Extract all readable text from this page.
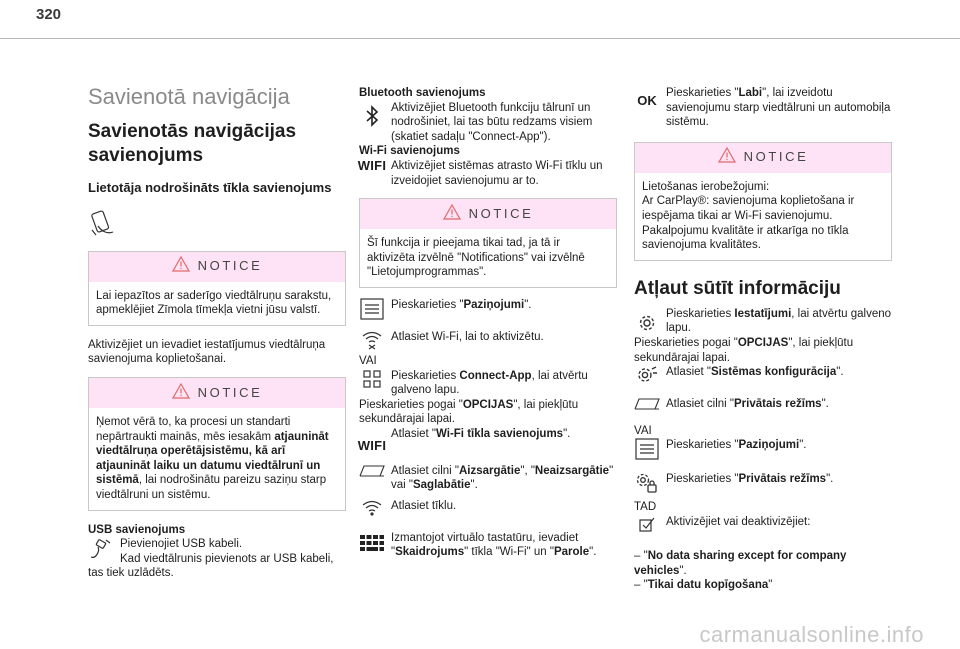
320
Savienotā navigācija
Savienotās navigācijas savienojums
Lietotāja nodrošināts tīkla savienojums
NOTICE

Lai iepazītos ar saderīgo viedtālruņu sarakstu, apmeklējiet Zīmola tīmekļa vietni jūsu valstī.

Aktivizējiet un ievadiet iestatījumus viedtālruņa savienojuma koplietošanai.

NOTICE

Ņemot vērā to, ka procesi un standarti nepārtraukti mainās, mēs iesakām atjaunināt viedtālruņa operētājsistēmu, kā arī atjaunināt laiku un datumu viedtālrunī un sistēmā, lai nodrošinātu pareizu saziņu starp viedtālruni un sistēmu.

USB savienojums

Pievienojiet USB kabeli.

Kad viedtālrunis pievienots ar USB kabeli, tas tiek uzlādēts.

Bluetooth savienojums

Aktivizējiet Bluetooth funkciju tālrunī un nodrošiniet, lai tas būtu redzams visiem (skatiet sadaļu "Connect-App").

Wi-Fi savienojums

WIFI Aktivizējiet sistēmas atrasto Wi-Fi tīklu un izveidojiet savienojumu ar to.

NOTICE

Šī funkcija ir pieejama tikai tad, ja tā ir aktivizēta izvēlnē "Notifications" vai izvēlnē "Lietojumprogrammas".

Pieskarieties "Paziņojumi".

Atlasiet Wi-Fi, lai to aktivizētu.

VAI

Pieskarieties Connect-App, lai atvērtu galveno lapu.

Pieskarieties pogai "OPCIJAS", lai piekļūtu sekundārajai lapai.

WIFI

Atlasiet "Wi-Fi tīkla savienojums".

Atlasiet cilni "Aizsargātie", "Neaizsargātie" vai "Saglabātie".

Atlasiet tīklu.

Izmantojot virtuālo tastatūru, ievadiet "Skaidrojums" tīkla "Wi-Fi" un "Parole".

OK Pieskarieties "Labi", lai izveidotu savienojumu starp viedtālruni un automobiļa sistēmu.

NOTICE

Lietošanas ierobežojumi:

Ar CarPlay®: savienojuma koplietošana ir iespējama tikai ar Wi-Fi savienojumu.

Pakalpojumu kvalitāte ir atkarīga no tīkla savienojuma kvalitātes.

Atļaut sūtīt informāciju

Pieskarieties Iestatījumi, lai atvērtu galveno lapu.

Pieskarieties pogai "OPCIJAS", lai piekļūtu sekundārajai lapai.

Atlasiet "Sistēmas konfigurācija".

Atlasiet cilni "Privātais režīms".

VAI

Pieskarieties "Paziņojumi".

Pieskarieties "Privātais režīms".

TAD

Aktivizējiet vai deaktivizējiet:

– "No data sharing except for company vehicles".

– "Tikai datu kopīgošana"

carmanualsonline.info
